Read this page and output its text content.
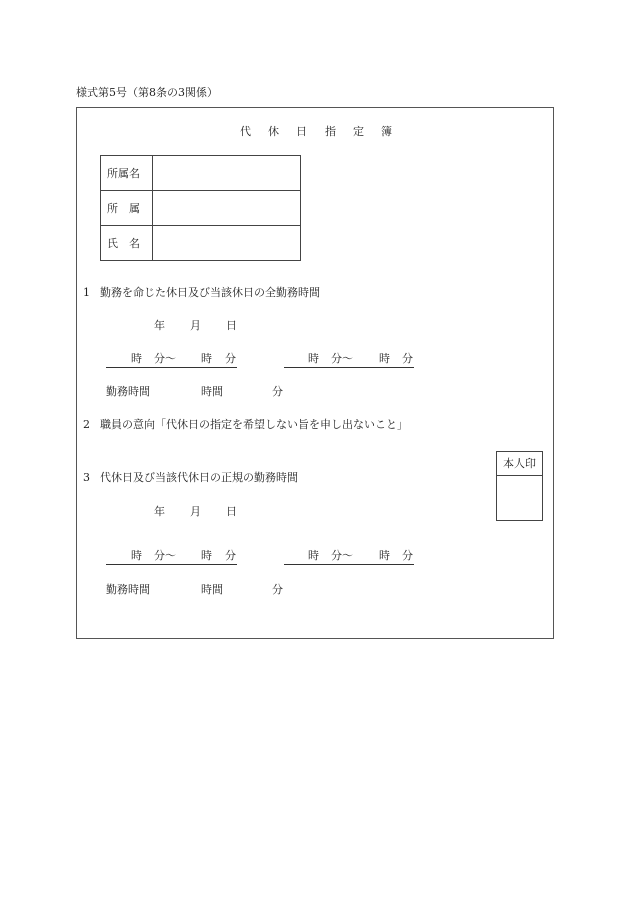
様式第5号（第8条の3関係）
代 休 日 指 定 簿
所属名	
所　属	
氏　名	
1 勤務を命じた休日及び当該休日の全勤務時間
年 月 日
時 分〜 時 分	時 分〜 時 分
勤務時間	時間	分
2 職員の意向「代休日の指定を希望しない旨を申し出ないこと」
本人印
3 代休日及び当該代休日の正規の勤務時間
年 月 日
時 分〜 時 分	時 分〜 時 分
勤務時間	時間	分
